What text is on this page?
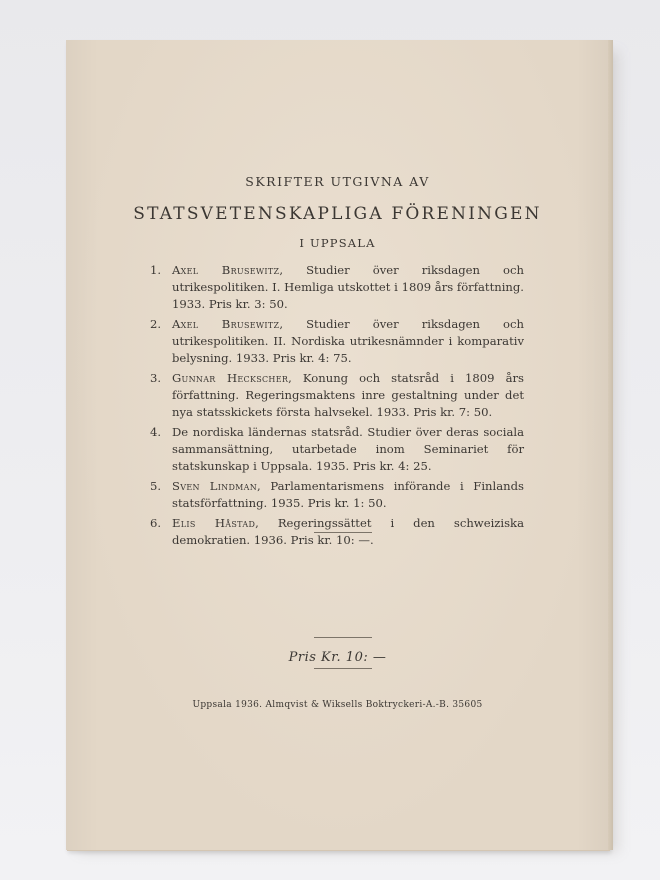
SKRIFTER UTGIVNA AV
STATSVETENSKAPLIGA FÖRENINGEN
I UPPSALA
1. Axel Brusewitz, Studier över riksdagen och utrikespolitiken. I. Hemliga utskottet i 1809 års författning. 1933. Pris kr. 3: 50.
2. Axel Brusewitz, Studier över riksdagen och utrikespolitiken. II. Nordiska utrikesnämnder i komparativ belysning. 1933. Pris kr. 4: 75.
3. Gunnar Heckscher, Konung och statsråd i 1809 års författning. Regeringsmaktens inre gestaltning under det nya statsskickets första halvsekel. 1933. Pris kr. 7: 50.
4. De nordiska ländernas statsråd. Studier över deras sociala sammansättning, utarbetade inom Seminariet för statskunskap i Uppsala. 1935. Pris kr. 4: 25.
5. Sven Lindman, Parlamentarismens införande i Finlands statsförfattning. 1935. Pris kr. 1: 50.
6. Elis Håstad, Regeringssättet i den schweiziska demokratien. 1936. Pris kr. 10: —.
Pris Kr. 10: —
Uppsala 1936. Almqvist & Wiksells Boktryckeri-A.-B. 35605
